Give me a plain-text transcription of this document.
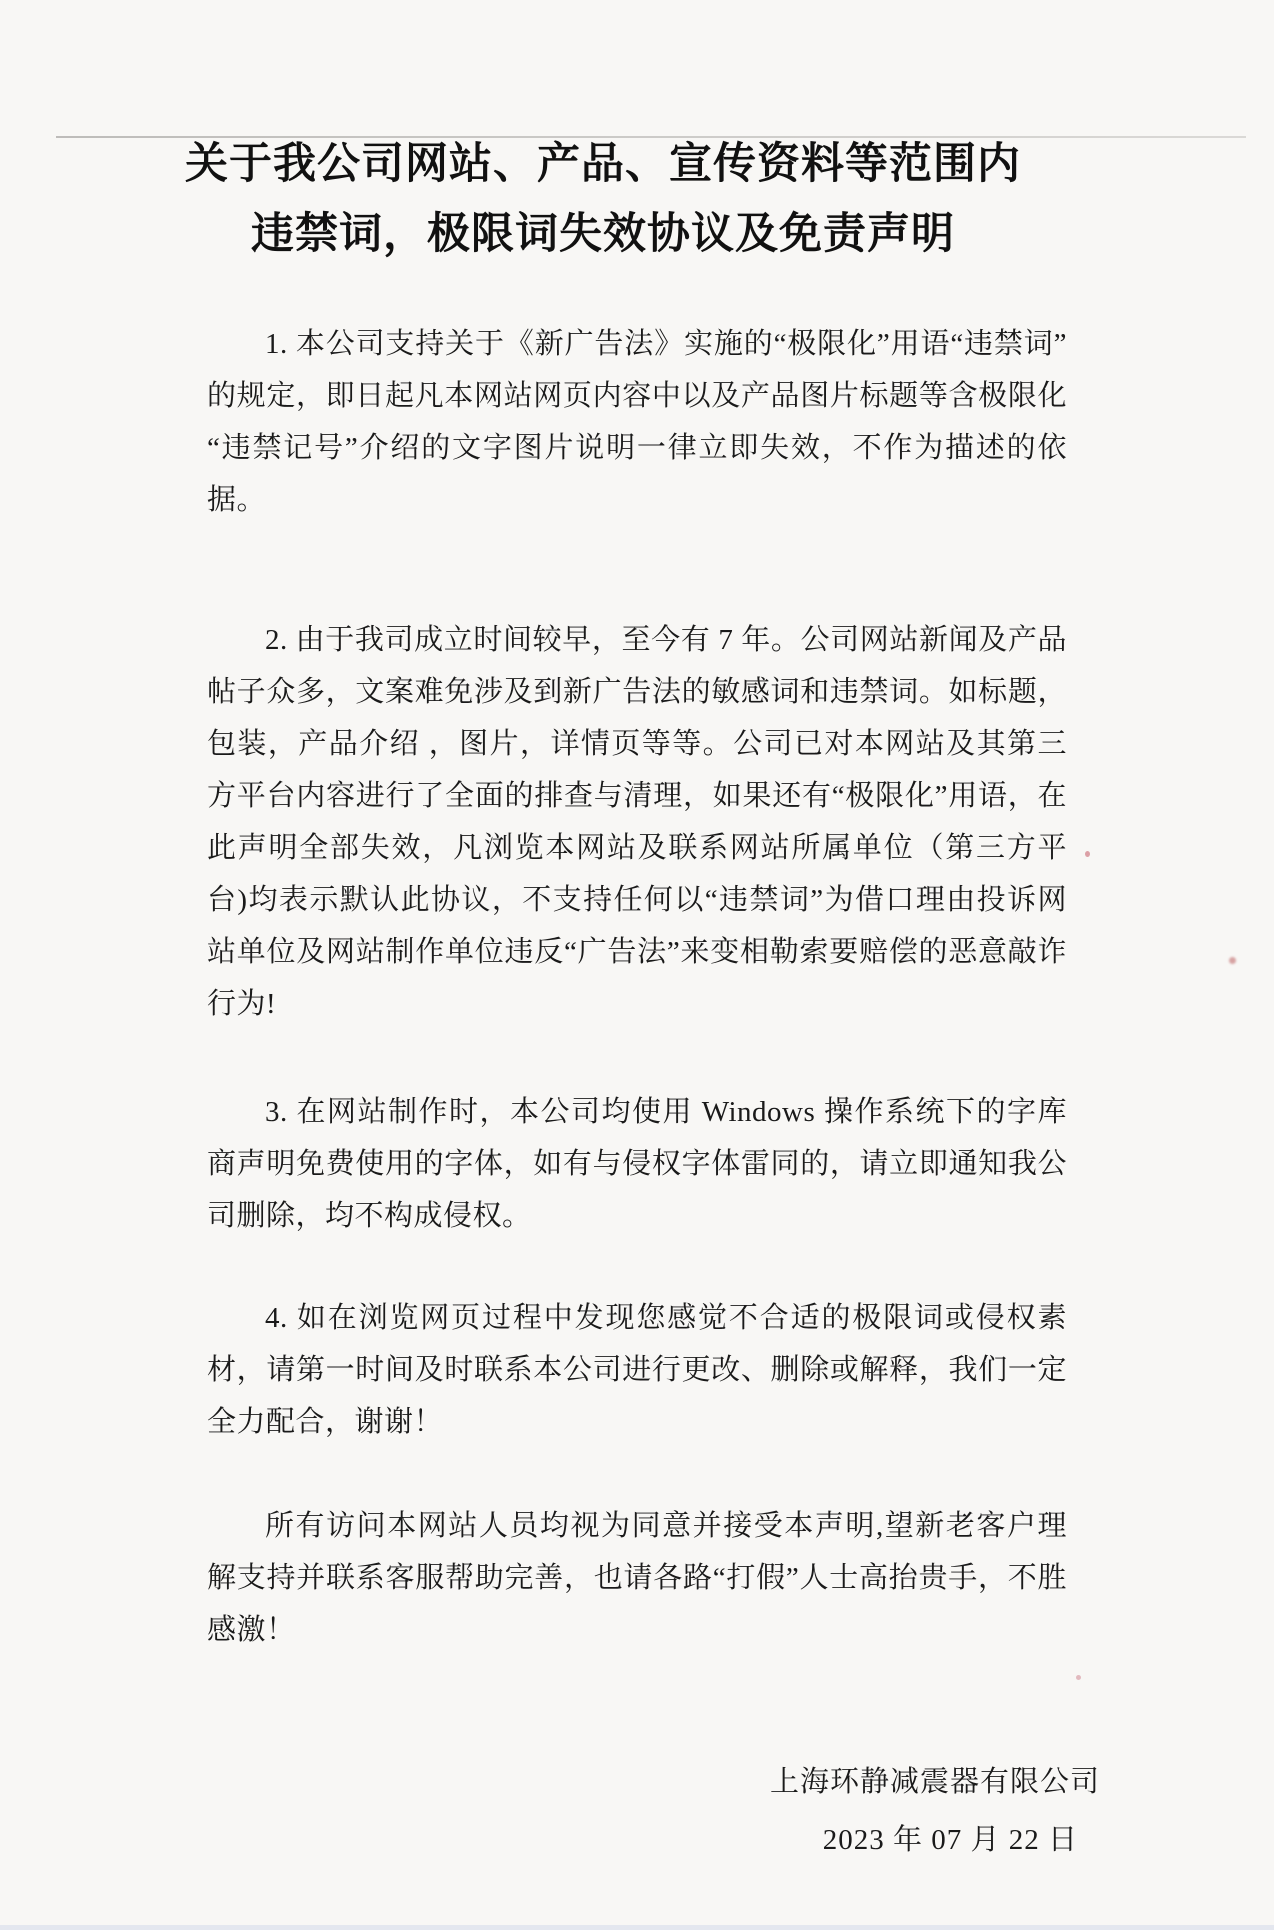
关于我公司网站、产品、宣传资料等范围内
违禁词，极限词失效协议及免责声明

1. 本公司支持关于《新广告法》实施的“极限化”用语“违禁词”的规定，即日起凡本网站网页内容中以及产品图片标题等含极限化“违禁记号”介绍的文字图片说明一律立即失效，不作为描述的依据。

2. 由于我司成立时间较早，至今有 7 年。公司网站新闻及产品帖子众多，文案难免涉及到新广告法的敏感词和违禁词。如标题，包装，产品介绍 ，图片，详情页等等。公司已对本网站及其第三方平台内容进行了全面的排查与清理，如果还有“极限化”用语，在此声明全部失效，凡浏览本网站及联系网站所属单位（第三方平台)均表示默认此协议，不支持任何以“违禁词”为借口理由投诉网站单位及网站制作单位违反“广告法”来变相勒索要赔偿的恶意敲诈行为!

3. 在网站制作时，本公司均使用 Windows 操作系统下的字库商声明免费使用的字体，如有与侵权字体雷同的，请立即通知我公司删除，均不构成侵权。

4. 如在浏览网页过程中发现您感觉不合适的极限词或侵权素材，请第一时间及时联系本公司进行更改、删除或解释，我们一定全力配合，谢谢！

所有访问本网站人员均视为同意并接受本声明,望新老客户理解支持并联系客服帮助完善，也请各路“打假”人士高抬贵手，不胜感激！

上海环静减震器有限公司
2023 年 07 月 22 日
